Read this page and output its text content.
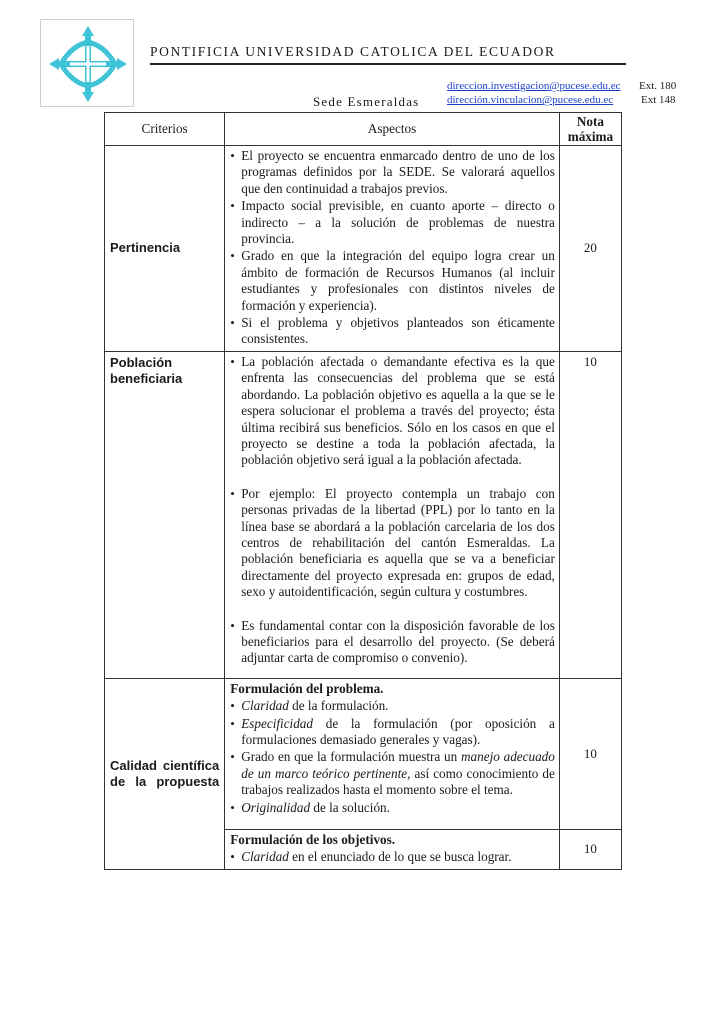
PONTIFICIA UNIVERSIDAD CATOLICA DEL ECUADOR
Sede Esmeraldas
direccion.investigacion@pucese.edu.ec Ext. 180
dirección.vinculacion@pucese.edu.ec	Ext 148
Criterios	Aspectos	Nota máxima
Pertinencia	• El proyecto se encuentra enmarcado dentro de uno de los programas definidos por la SEDE. Se valorará aquellos que den continuidad a trabajos previos.
• Impacto social previsible, en cuanto aporte – directo o indirecto – a la solución de problemas de nuestra provincia.
• Grado en que la integración del equipo logra crear un ámbito de formación de Recursos Humanos (al incluir estudiantes y profesionales con distintos niveles de formación y experiencia).
• Si el problema y objetivos planteados son éticamente consistentes.	20
Población beneficiaria	• La población afectada o demandante efectiva es la que enfrenta las consecuencias del problema que se está abordando. La población objetivo es aquella a la que se le espera solucionar el problema a través del proyecto; ésta última recibirá sus beneficios. Sólo en los casos en que el proyecto se destine a toda la población afectada, la población objetivo será igual a la población afectada.
• Por ejemplo: El proyecto contempla un trabajo con personas privadas de la libertad (PPL) por lo tanto en la línea base se abordará a la población carcelaria de los dos centros de rehabilitación del cantón Esmeraldas. La población beneficiaria es aquella que se va a beneficiar directamente del proyecto expresada en: grupos de edad, sexo y autoidentificación, según cultura y costumbres.
• Es fundamental contar con la disposición favorable de los beneficiarios para el desarrollo del proyecto. (Se deberá adjuntar carta de compromiso o convenio).	10
Calidad científica de la propuesta	Formulación del problema.
• Claridad de la formulación.
• Especificidad de la formulación (por oposición a formulaciones demasiado generales y vagas).
• Grado en que la formulación muestra un manejo adecuado de un marco teórico pertinente, así como conocimiento de trabajos realizados hasta el momento sobre el tema.
• Originalidad de la solución.	10

	Formulación de los objetivos.
• Claridad en el enunciado de lo que se busca lograr.	10
